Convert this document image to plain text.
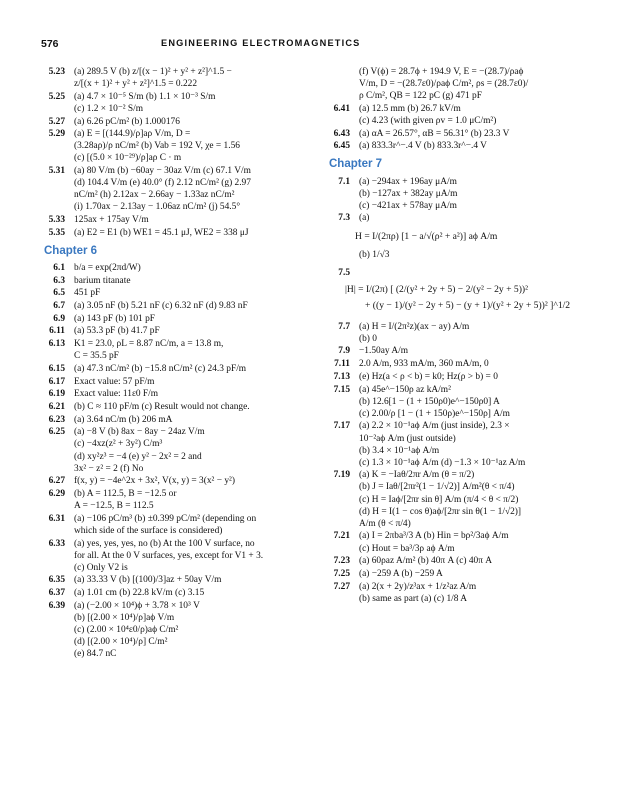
576	ENGINEERING ELECTROMAGNETICS
5.23 (a) 289.5 V (b) z/[(x − 1)² + y² + z²]^1.5 −
z/[(x + 1)² + y² + z²]^1.5 = 0.222
5.25 (a) 4.7 × 10⁻⁵ S/m (b) 1.1 × 10⁻³ S/m
(c) 1.2 × 10⁻² S/m
5.27 (a) 6.26 pC/m² (b) 1.000176
5.29 (a) E = [(144.9)/ρ]aρ V/m, D =
(3.28aρ)/ρ nC/m² (b) Vab = 192 V, χe = 1.56
(c) [(5.0 × 10⁻²⁹)/ρ]aρ C · m
5.31 (a) 80 V/m (b) −60ay − 30az V/m (c) 67.1 V/m
(d) 104.4 V/m (e) 40.0° (f) 2.12 nC/m² (g) 2.97
nC/m² (h) 2.12ax − 2.66ay − 1.33az nC/m²
(i) 1.70ax − 2.13ay − 1.06az nC/m² (j) 54.5°
5.33 125ax + 175ay V/m
5.35 (a) E2 = E1 (b) WE1 = 45.1 μJ, WE2 = 338 μJ
Chapter 6
6.1 b/a = exp(2πd/W)
6.3 barium titanate
6.5 451 pF
6.7 (a) 3.05 nF (b) 5.21 nF (c) 6.32 nF (d) 9.83 nF
6.9 (a) 143 pF (b) 101 pF
6.11 (a) 53.3 pF (b) 41.7 pF
6.13 K1 = 23.0, ρL = 8.87 nC/m, a = 13.8 m,
C = 35.5 pF
6.15 (a) 47.3 nC/m² (b) −15.8 nC/m² (c) 24.3 pF/m
6.17 Exact value: 57 pF/m
6.19 Exact value: 11ε0 F/m
6.21 (b) C ≈ 110 pF/m (c) Result would not change.
6.23 (a) 3.64 nC/m (b) 206 mA
6.25 (a) −8 V (b) 8ax − 8ay − 24az V/m
(c) −4xz(z² + 3y²) C/m³
(d) xy²z³ = −4 (e) y² − 2x² = 2 and
3x² − z² = 2 (f) No
6.27 f(x, y) = −4e^2x + 3x², V(x, y) = 3(x² − y²)
6.29 (b) A = 112.5, B = −12.5 or
A = −12.5, B = 112.5
6.31 (a) −106 pC/m³ (b) ±0.399 pC/m² (depending on
which side of the surface is considered)
6.33 (a) yes, yes, yes, no (b) At the 100 V surface, no
for all. At the 0 V surfaces, yes, except for V1 + 3.
(c) Only V2 is
6.35 (a) 33.33 V (b) [(100)/3]az + 50ay V/m
6.37 (a) 1.01 cm (b) 22.8 kV/m (c) 3.15
6.39 (a) (−2.00 × 10⁴)ϕ + 3.78 × 10³ V
(b) [(2.00 × 10⁴)/ρ]aϕ V/m
(c) (2.00 × 10⁴ε0/ρ)aϕ C/m²
(d) [(2.00 × 10⁴)/ρ] C/m²
(e) 84.7 nC
(f) V(ϕ) = 28.7ϕ + 194.9 V, E = −(28.7)/ρaϕ
V/m, D = −(28.7ε0)/ρaϕ C/m², ρs = (28.7ε0)/
ρ C/m², QB = 122 pC (g) 471 pF
6.41 (a) 12.5 mm (b) 26.7 kV/m
(c) 4.23 (with given ρv = 1.0 μC/m²)
6.43 (a) αA = 26.57°, αB = 56.31° (b) 23.3 V
6.45 (a) 833.3r^−.4 V (b) 833.3r^−.4 V
Chapter 7
7.1 (a) −294ax + 196ay μA/m
(b) −127ax + 382ay μA/m
(c) −421ax + 578ay μA/m
7.3 (a)
H = I/(2πρ) [1 − a/√(ρ² + a²)] aϕ A/m
(b) 1/√3
7.5
|H| = I/(2π) [ (2/(y² + 2y + 5) − 2/(y² − 2y + 5))²
+ ((y − 1)/(y² − 2y + 5) − (y + 1)/(y² + 2y + 5))² ]^1/2
7.7 (a) H = I/(2π²z)(ax − ay) A/m
(b) 0
7.9 −1.50ay A/m
7.11 2.0 A/m, 933 mA/m, 360 mA/m, 0
7.13 (e) Hz(a < ρ < b) = k0; Hz(ρ > b) = 0
7.15 (a) 45e^−150ρ az kA/m²
(b) 12.6[1 − (1 + 150ρ0)e^−150ρ0] A
(c) 2.00/ρ [1 − (1 + 150ρ)e^−150ρ] A/m
7.17 (a) 2.2 × 10⁻¹aϕ A/m (just inside), 2.3 ×
10⁻²aϕ A/m (just outside)
(b) 3.4 × 10⁻¹aϕ A/m
(c) 1.3 × 10⁻¹aϕ A/m (d) −1.3 × 10⁻¹az A/m
7.19 (a) K = −Iaθ/2πr A/m (θ = π/2)
(b) J = Iaθ/[2πr²(1 − 1/√2)] A/m²(θ < π/4)
(c) H = Iaϕ/[2πr sin θ] A/m (π/4 < θ < π/2)
(d) H = I(1 − cos θ)aϕ/[2πr sin θ(1 − 1/√2)]
A/m (θ < π/4)
7.21 (a) I = 2πba³/3 A (b) Hin = bρ²/3aϕ A/m
(c) Hout = ba³/3ρ aϕ A/m
7.23 (a) 60ρaz A/m² (b) 40π A (c) 40π A
7.25 (a) −259 A (b) −259 A
7.27 (a) 2(x + 2y)/z³ax + 1/z²az A/m
(b) same as part (a) (c) 1/8 A
